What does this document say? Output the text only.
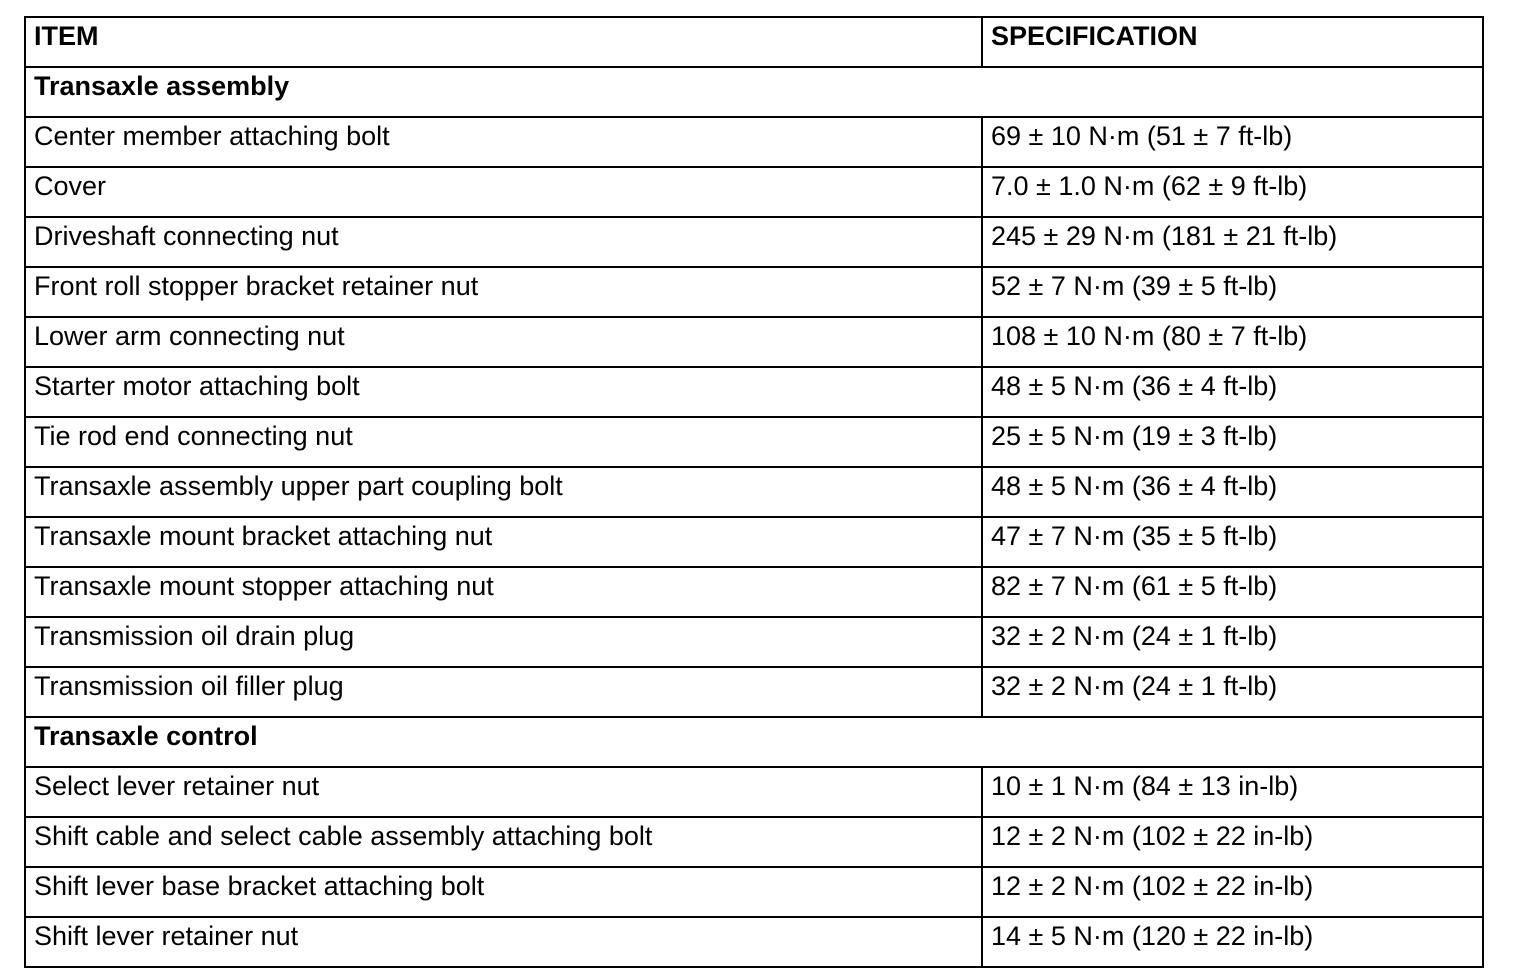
ITEM	SPECIFICATION
Transaxle assembly	
Center member attaching bolt	69 ± 10 N·m (51 ± 7 ft-lb)
Cover	7.0 ± 1.0 N·m (62 ± 9 ft-lb)
Driveshaft connecting nut	245 ± 29 N·m (181 ± 21 ft-lb)
Front roll stopper bracket retainer nut	52 ± 7 N·m (39 ± 5 ft-lb)
Lower arm connecting nut	108 ± 10 N·m (80 ± 7 ft-lb)
Starter motor attaching bolt	48 ± 5 N·m (36 ± 4 ft-lb)
Tie rod end connecting nut	25 ± 5 N·m (19 ± 3 ft-lb)
Transaxle assembly upper part coupling bolt	48 ± 5 N·m (36 ± 4 ft-lb)
Transaxle mount bracket attaching nut	47 ± 7 N·m (35 ± 5 ft-lb)
Transaxle mount stopper attaching nut	82 ± 7 N·m (61 ± 5 ft-lb)
Transmission oil drain plug	32 ± 2 N·m (24 ± 1 ft-lb)
Transmission oil filler plug	32 ± 2 N·m (24 ± 1 ft-lb)
Transaxle control	
Select lever retainer nut	10 ± 1 N·m (84 ± 13 in-lb)
Shift cable and select cable assembly attaching bolt	12 ± 2 N·m (102 ± 22 in-lb)
Shift lever base bracket attaching bolt	12 ± 2 N·m (102 ± 22 in-lb)
Shift lever retainer nut	14 ± 5 N·m (120 ± 22 in-lb)
